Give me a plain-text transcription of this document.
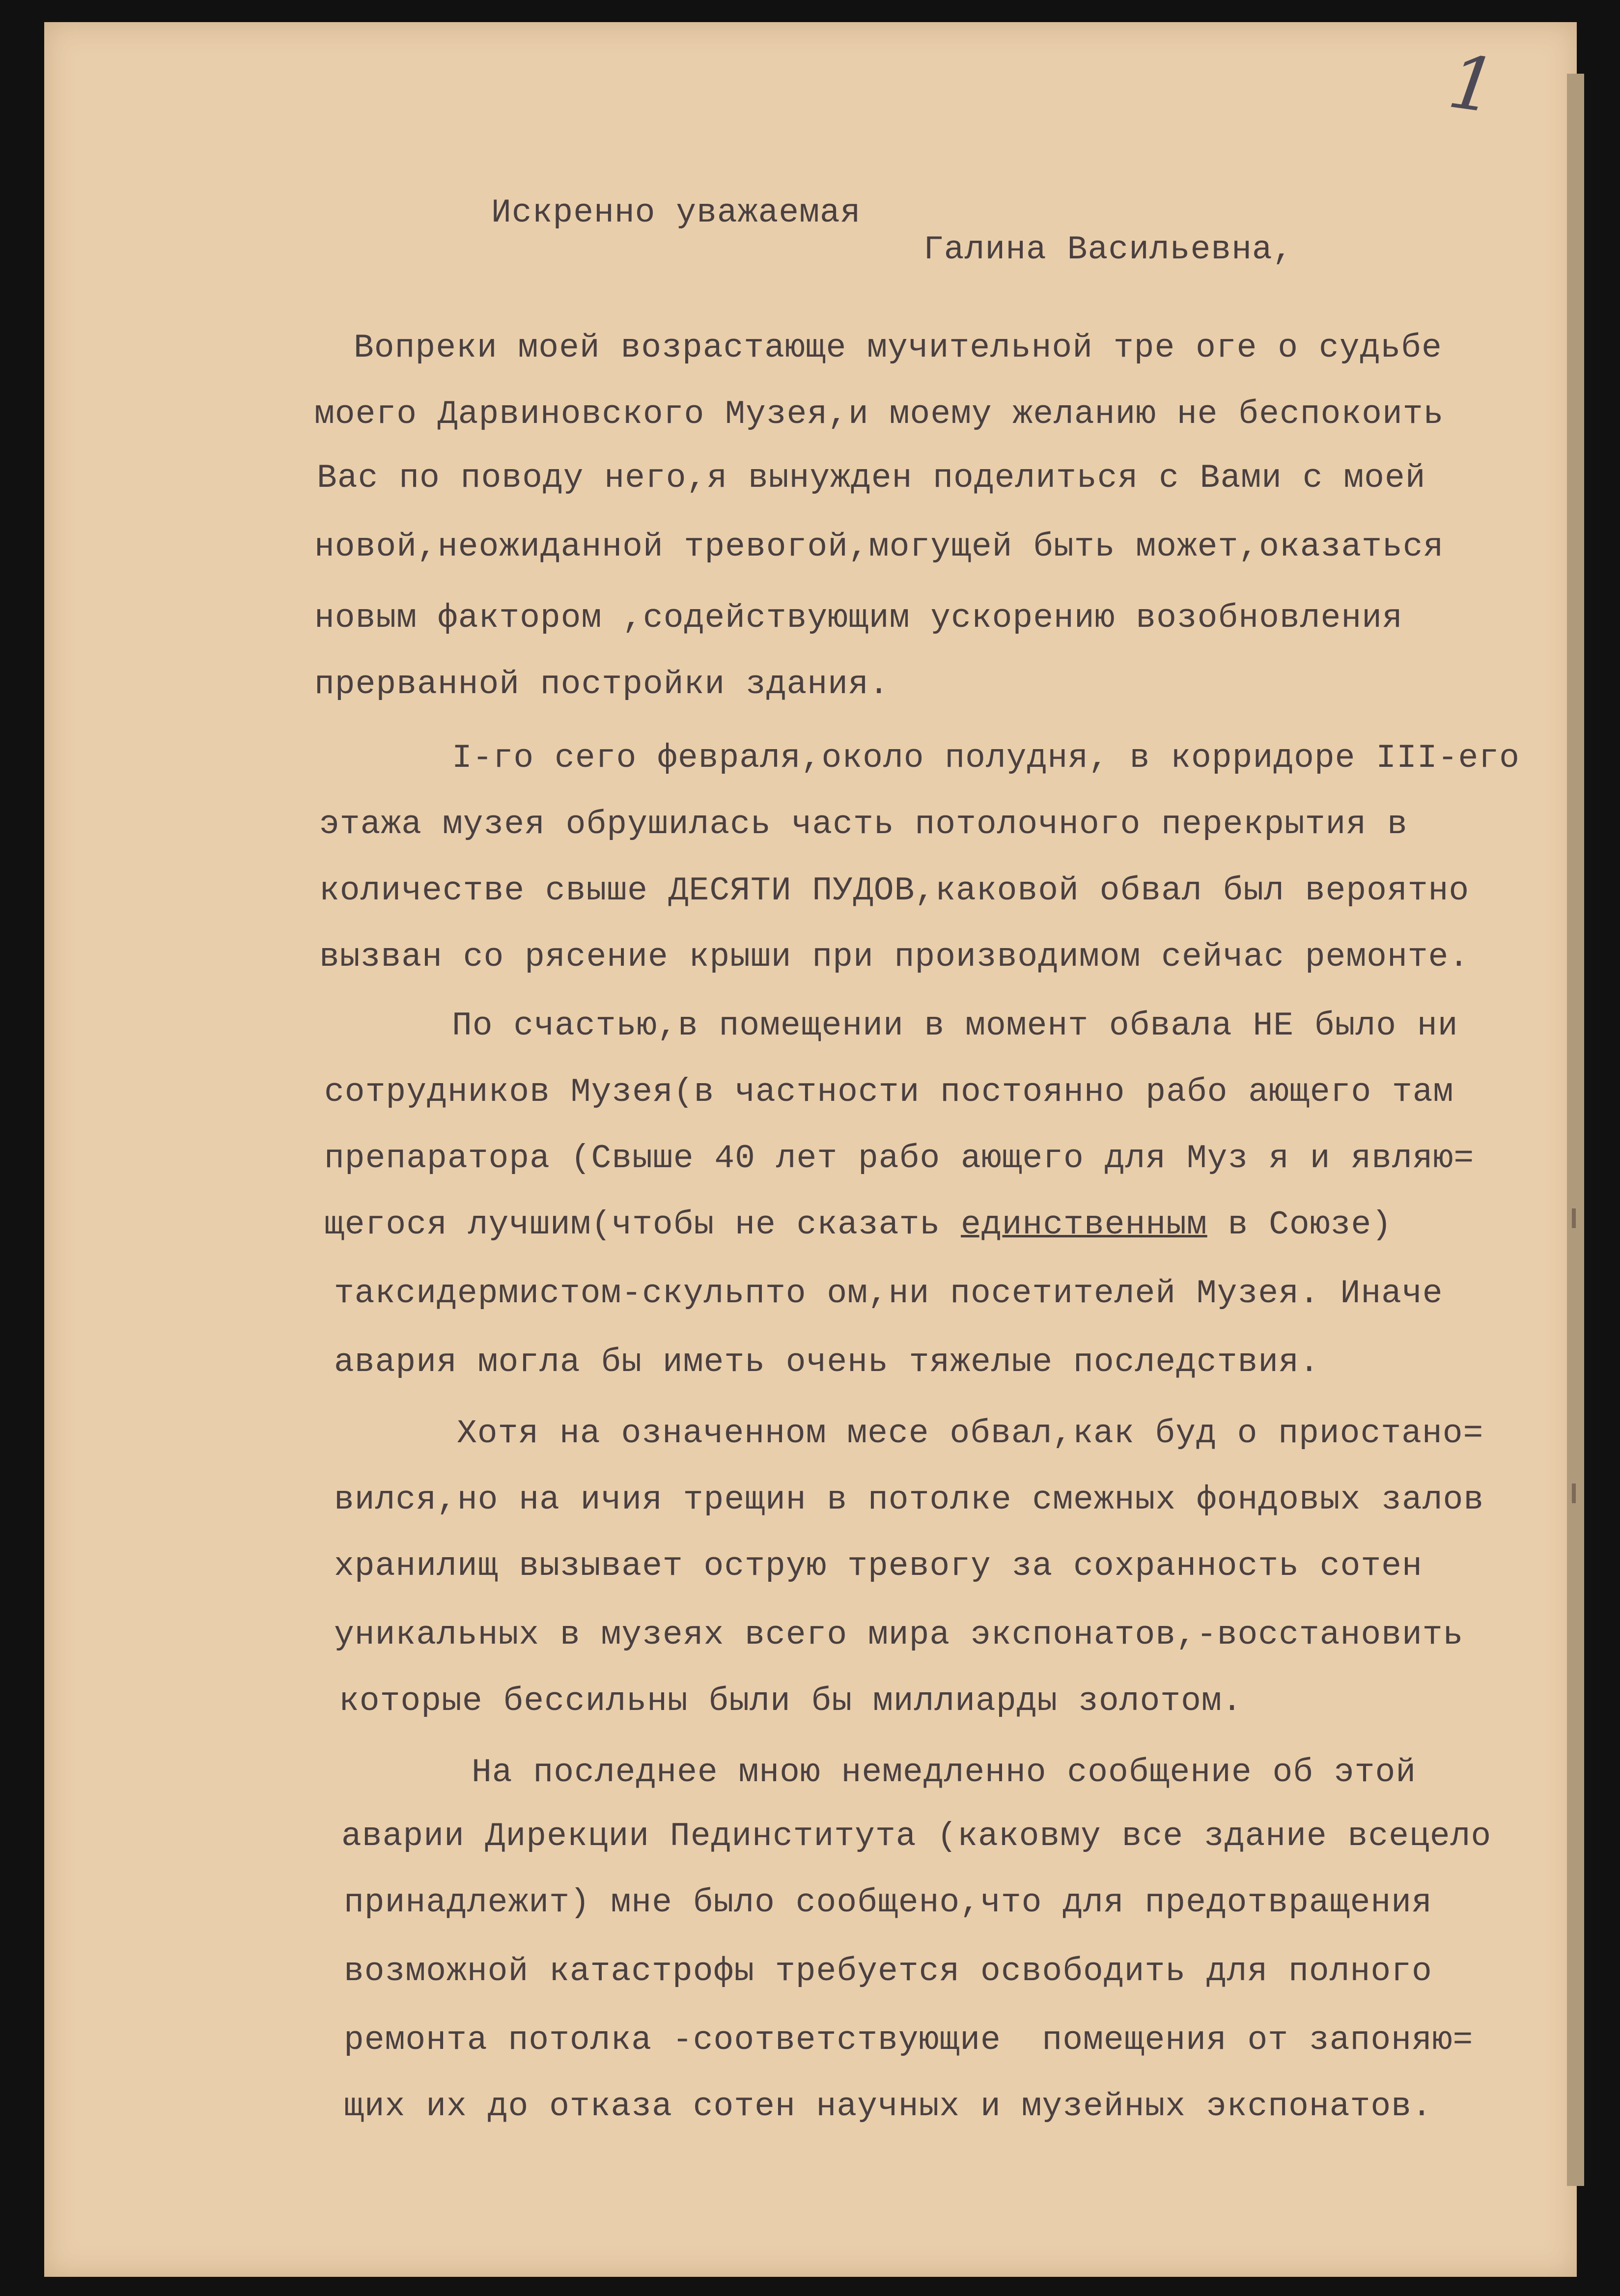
1

Искренно уважаемая

Галина Васильевна,

Вопреки моей возрастающе мучительной тре оге о судьбе

моего Дарвиновского Музея,и моему желанию не беспокоить

Вас по поводу него,я вынужден поделиться с Вами с моей

новой,неожиданной тревогой,могущей быть может,оказаться

новым фактором ,содействующим ускорению возобновления

прерванной постройки здания.

I-го сего февраля,около полудня, в корридоре III-его

этажа музея обрушилась часть потолочного перекрытия в

количестве свыше ДЕСЯТИ ПУДОВ,каковой обвал был вероятно

вызван со рясение крыши при производимом сейчас ремонте.

По счастью,в помещении в момент обвала НЕ было ни

сотрудников Музея(в частности постоянно рабо ающего там

препаратора (Свыше 40 лет рабо ающего для Муз я и являю=

щегося лучшим(чтобы не сказать единственным в Союзе)

таксидермистом-скульпто ом,ни посетителей Музея. Иначе

авария могла бы иметь очень тяжелые последствия.

Хотя на означенном месе обвал,как буд о приостано=

вился,но на ичия трещин в потолке смежных фондовых залов

хранилищ вызывает острую тревогу за сохранность сотен

уникальных в музеях всего мира экспонатов,-восстановить

которые бессильны были бы миллиарды золотом.

На последнее мною немедленно сообщение об этой

аварии Дирекции Пединститута (каковму все здание всецело

принадлежит) мне было сообщено,что для предотвращения

возможной катастрофы требуется освободить для полного

ремонта потолка -соответствующие  помещения от запоняю=

щих их до отказа сотен научных и музейных экспонатов.
